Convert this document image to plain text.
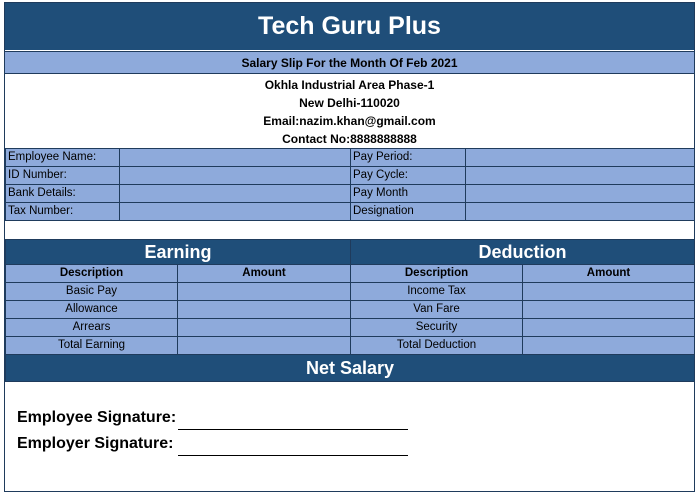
Tech Guru Plus
Salary Slip For the Month Of Feb 2021
Okhla Industrial Area Phase-1
New Delhi-110020
Email:nazim.khan@gmail.com
Contact No:8888888888
Employee Name:		Pay Period:	
ID Number:		Pay Cycle:	
Bank Details:		Pay Month	
Tax Number:		Designation	
Earning		Deduction	
Description	Amount	Description	Amount
Basic Pay		Income Tax	
Allowance		Van Fare	
Arrears		Security	
Total Earning		Total Deduction	
Net Salary			
Employee Signature:
Employer Signature:
